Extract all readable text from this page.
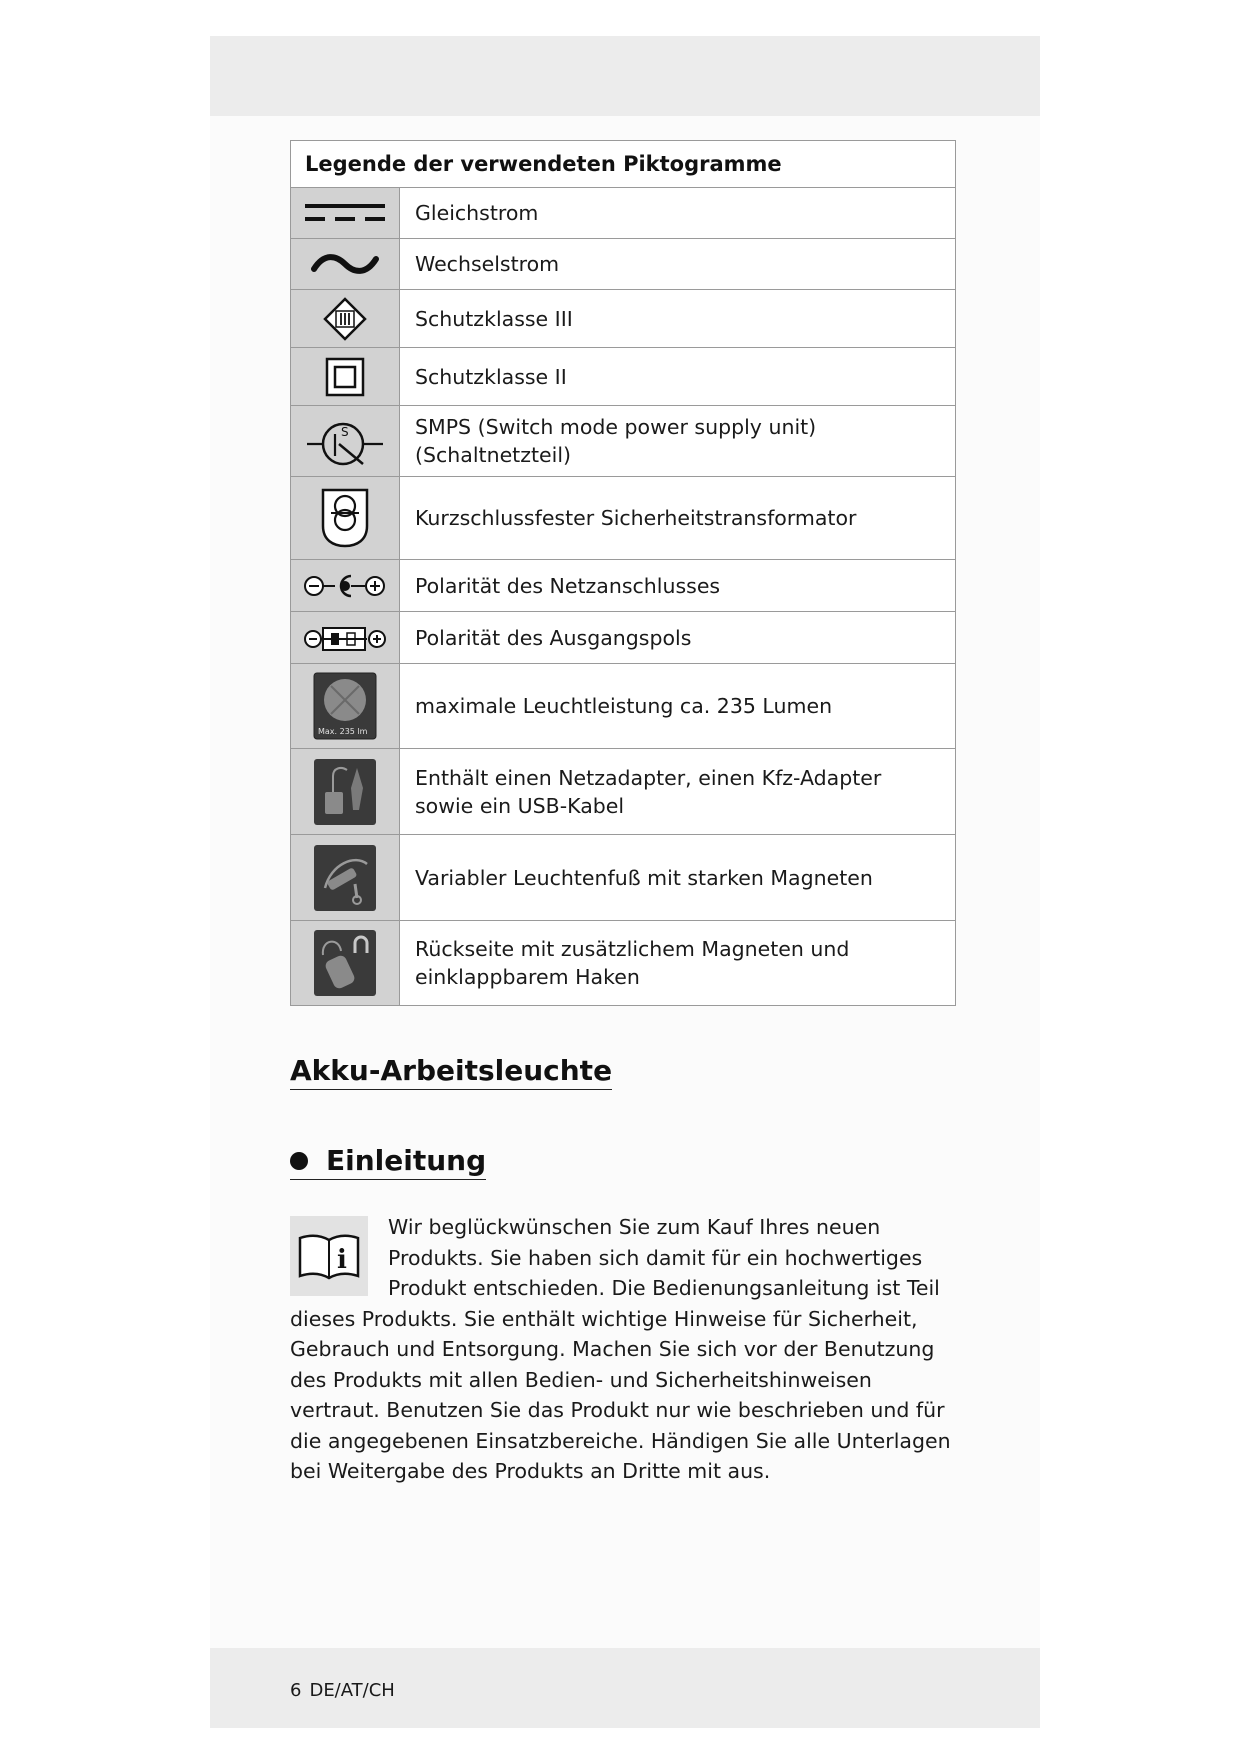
Legende der verwendeten Piktogramme
Gleichstrom
Wechselstrom
Schutzklasse III
Schutzklasse II
S	SMPS (Switch mode power supply unit) (Schaltnetzteil)
Kurzschlussfester Sicherheitstransformator
Polarität des Netzanschlusses
Polarität des Ausgangspols
Max. 235 lm
maximale Leuchtleistung ca. 235 Lumen
Enthält einen Netzadapter, einen Kfz-Adapter sowie ein USB-Kabel
Variabler Leuchtenfuß mit starken Magneten
Rückseite mit zusätzlichem Magneten und einklappbarem Haken
Akku-Arbeitsleuchte
Einleitung
i
Wir beglückwünschen Sie zum Kauf Ihres neuen Produkts. Sie haben sich damit für ein hochwertiges Produkt entschieden. Die Bedienungsanleitung ist Teil dieses Produkts. Sie enthält wichtige Hinweise für Sicherheit, Gebrauch und Entsorgung. Machen Sie sich vor der Benutzung des Produkts mit allen Bedien- und Sicherheitshinweisen vertraut. Benutzen Sie das Produkt nur wie beschrieben und für die angegebenen Einsatzbereiche. Händigen Sie alle Unterlagen bei Weitergabe des Produkts an Dritte mit aus.
6 DE/AT/CH
